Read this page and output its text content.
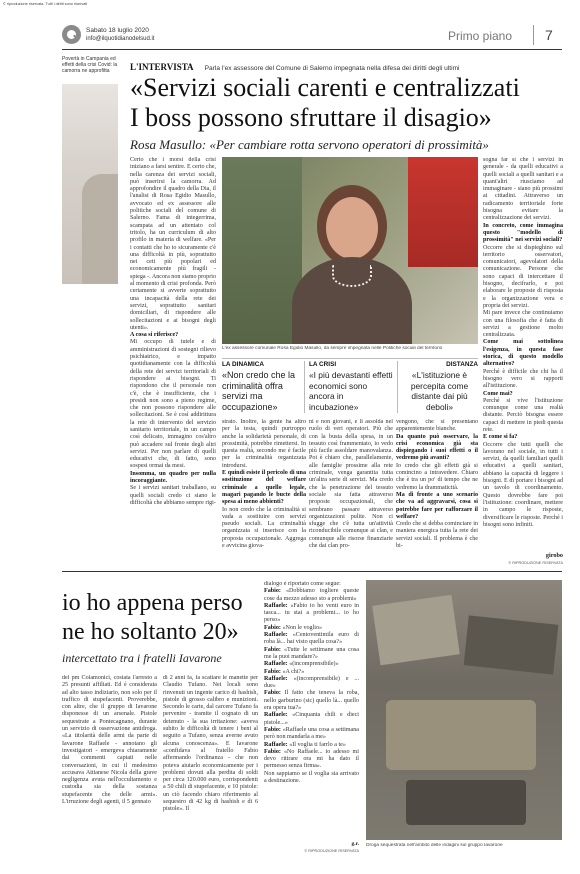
© riproduzione riservata. Tutti i diritti sono riservati
Sabato 18 luglio 2020
info@ilquotidianodelsud.it	Primo piano 7
Povertà in Campania ed effetti della crisi Covid: la camorra ne approfitta	L'INTERVISTA Parla l'ex assessore del Comune di Salerno impegnata nella difesa dei diritti degli ultimi
«Servizi sociali carenti e centralizzati
I boss possono sfruttare il disagio»
Rosa Masullo: «Per cambiare rotta servono operatori di prossimità»

Certo che i morsi della crisi iniziano a farsi sentire. E certo che, nella carenza dei servizi sociali, può inserirsi la camorra. Ad approfondire il quadro della Dia, il l'analisi di Rosa Egidio Masullo, avvocato ed ex assessore alle politiche sociali del comune di Salerno. Fama di integerrima, scampata ad un attentato col tritolo, ha un curriculum di alto profilo in materia di welfare. «Per i contatti che ho io sicuramente c'è una difficoltà in più, soprattutto nei ceti più popolari ed economicamente più fragili - spiega -. Ancora non siamo proprio al momento di crisi profonda. Però certamente si avverte soprattutto una incapacità della rete dei servizi, soprattutto sanitari domiciliari, di rispondere alle sollecitazioni e ai bisogni degli utenti».

A cosa si riferisce?

Mi occupo di tutele e di amministrazioni di sostegni rilievo psichiatrico, e impatto quotidianamente con la difficoltà della rete dei servizi territoriali di rispondere ai bisogni. Ti rispondono che il personale non c'è, che è insufficiente, che i presidi non sono a pieno regime, che non possono rispondere alle sollecitazioni. Se è così addirittura la rete di intervento del servizio sanitario territoriale, in un campo così delicato, immagino cos'altro può accadere sul fronte degli altri servizi. Per non parlare di quelli educativi che, di fatto, sono sospesi ormai da mesi.

Insomma, un quadro per nulla incoraggiante.

Se i servizi sanitari traballano, su quelli sociali credo ci siano le difficoltà che abbiamo sempre rigi-

L'ex assessore comunale Rosa Egidio Masullo, da sempre impegnata nelle Politiche sociali del territorio
LA DINAMICA
«Non credo che la criminalità offra servizi ma occupazione»
LA CRISI
«I più devastanti effetti economici sono ancora in incubazione»
DISTANZA
«L'istituzione è percepita come distante dai più deboli»

strato. Inoltre, la gente ha altro per la testa, quindi purtroppo anche la solidarietà personale, di prossimità, potrebbe rimettersi. In questa realtà, secondo me è facile per la criminalità organizzata introdursi.

E quindi esiste il pericolo di una sostituzione del welfare criminale a quello legale, magari pagando le bucte della spesa ai meno abbienti?

Io non credo che la criminalità si vada a sostituire con servizi pseudo sociali. La criminalità organizzata si inserisce con la proposta occupazionale. Aggrega e avvicina giova-

ni e non giovani, e li assolda nel ruolo di veri operatori. Più che con la busta della spesa, in un tessuto così frammentato, io vedo più facile assoldare manovalanza. Poi è chiaro che, parallelamente, alle famiglie prossime alla rete criminale, venga garantita tutta un'altra serie di servizi. Ma credo che la penetrazione del tessuto sociale sia fatta attraverso proposte occupazionali, che sembrano passare attraverso organizzazioni pulite. Non ci sfugge che c'è tutta un'attività riconducibile comunque ai clan, e comunque alle risorse finanziarie che dai clan pro-

vengono, che si presentano apparentemente bianche.

Da quanto può osservare, la crisi economica già sta dispiegando i suoi effetti o il vedremo più avanti?

Io credo che gli effetti già si comincino a intravedere. Chiaro che è tra un po' di tempo che ne vedremo la drammaticità.

Ma di fronte a uno scenario che va ad aggravarsi, cosa si potrebbe fare per rafforzare il welfare?

Credo che si debba cominciare in maniera energica tutta la rete dei servizi sociali. Il problema è che bi-

sogna far sì che i servizi in generale - da quelli educativi a quelli sociali a quelli sanitari e a quant'altri riusciamo ad immaginare - siano più prossimi ai cittadini. Attraverso un radicamento territoriale forte bisogna evitare la centralizzazione dei servizi.

In concreto, come immagina questo "modello di prossimità" nei servizi sociali?

Occorre che si dispieghino sul territorio osservatori, comunicatori, agevolatori della comunicazione. Persone che sono capaci di intercettare il bisogno, decifrarlo, e poi elaborare le proposte di risposta e la organizzazione vera e propria dei servizi.

Mi pare invece che continuiamo con una filosofia che è fatta di servizi a gestione molto centralizzata.

Come mai sottolinea l'esigenza, in questa fase storica, di questo modello alternativo?

Perché è difficile che chi ha il bisogno vero si rapporti all'istituzione.

Come mai?

Perché si vive l'istituzione comunque come una realtà distante. Perciò bisogna essere capaci di mettere in piedi questa rete.

E come si fa?

Occorre che tutti quelli che lavorano nel sociale, in tutti i servizi, da quelli familiari quelli educativi a quelli sanitari, abbiano la capacità di leggere i bisogni. E di portare i bisogni ad un tavolo di coordinamento. Questo dovrebbe fare poi l'istituzione: coordinare, mettere in campo le risposte, diversificare le risposte. Perché i bisogni sono infiniti.

girobo
© RIPRODUZIONE RISERVATA
io ho appena perso
ne ho soltanto 20»
intercettato tra i fratelli Iavarone

del pm Colamonici, costata l'arresto a 25 presunti affiliati. Ed è considerata ad alto tasso indiziario, non solo per il traffico di stupefacenti. Proverebbe, con altre, che il gruppo di Iavarone disponesse di un arsenale. Pistole sequestrate a Pontecagnano, durante un servizio di osservazione antidroga. «La titolarità delle armi da parte di Iavarone Raffaele - annotano gli investigatori - emergeva chiaramente dai commenti captati nelle conversazioni, in cui il medesimo accusava Attianese Nicola della grave negligenza avuta nell'occultamento e custodia sia della sostanza stupefacente che delle armi». L'irruzione degli agenti, il 5 gennaio

di 2 anni fa, fa scattare le manette per Claudio Tufano. Nei locali sono rinvenuti un ingente carico di hashish, pistole di grosso calibro e munizioni. Secondo le carte, dal carcere Tufano fa pervenire - tramite il cognato di un detenuto - la sua irritazione: «aveva subito le difficoltà di tenere i beni al seguito a Tufano, senza averne avuto alcuna conoscenza». E Iavarone «confidava al fratello Fabio affermando l'ordinanza - che non poteva aiutarlo economicamente per i problemi dovuti alla perdita di soldi per circa 120.000 euro, corrispondenti a 50 chili di stupefacente, e 10 pistole: un ciò facendo chiaro riferimento al sequestro di 42 kg di hashish e di 6 pistole». Il

dialogo è riportato come segue:

Fabio: «Dobbiamo togliere queste cose da mezzo adesso sto a problemi»

Raffaele: «Fabio io ho venti euro in tasca... tu stai a problemi... io ho perso»

Fabio: «Non le voglio»

Raffaele: «Centoventimila euro di roba là... hai visto quella cosa?»

Fabio: «Tutte le settimane una cosa me la puoi mandare?»

Raffaele: «(incomprensibile)»

Fabio: «A chi?»

Raffaele: «(incomprensibile) e ... due»

Fabio: Il fatto che teneva la roba, nello garburino (sic) quello là... quello era opera tua?»

Raffaele: «Cinquanta chili e dieci pistole...»

Fabio: «Raffaele una cosa a settimana però non mandarla a me»

Raffaele: «Il voglia ti farrlo a te»

Fabio: «No Raffaele... io adesso mi devo ritirare ora mi ha dato il permesso senza firma».

Non sappiamo se il voglia sia arrivato a destinazione.

g.r.
© RIPRODUZIONE RISERVATA
Droga sequestrata nell'ambito delle indagini sul gruppo Iavarone
